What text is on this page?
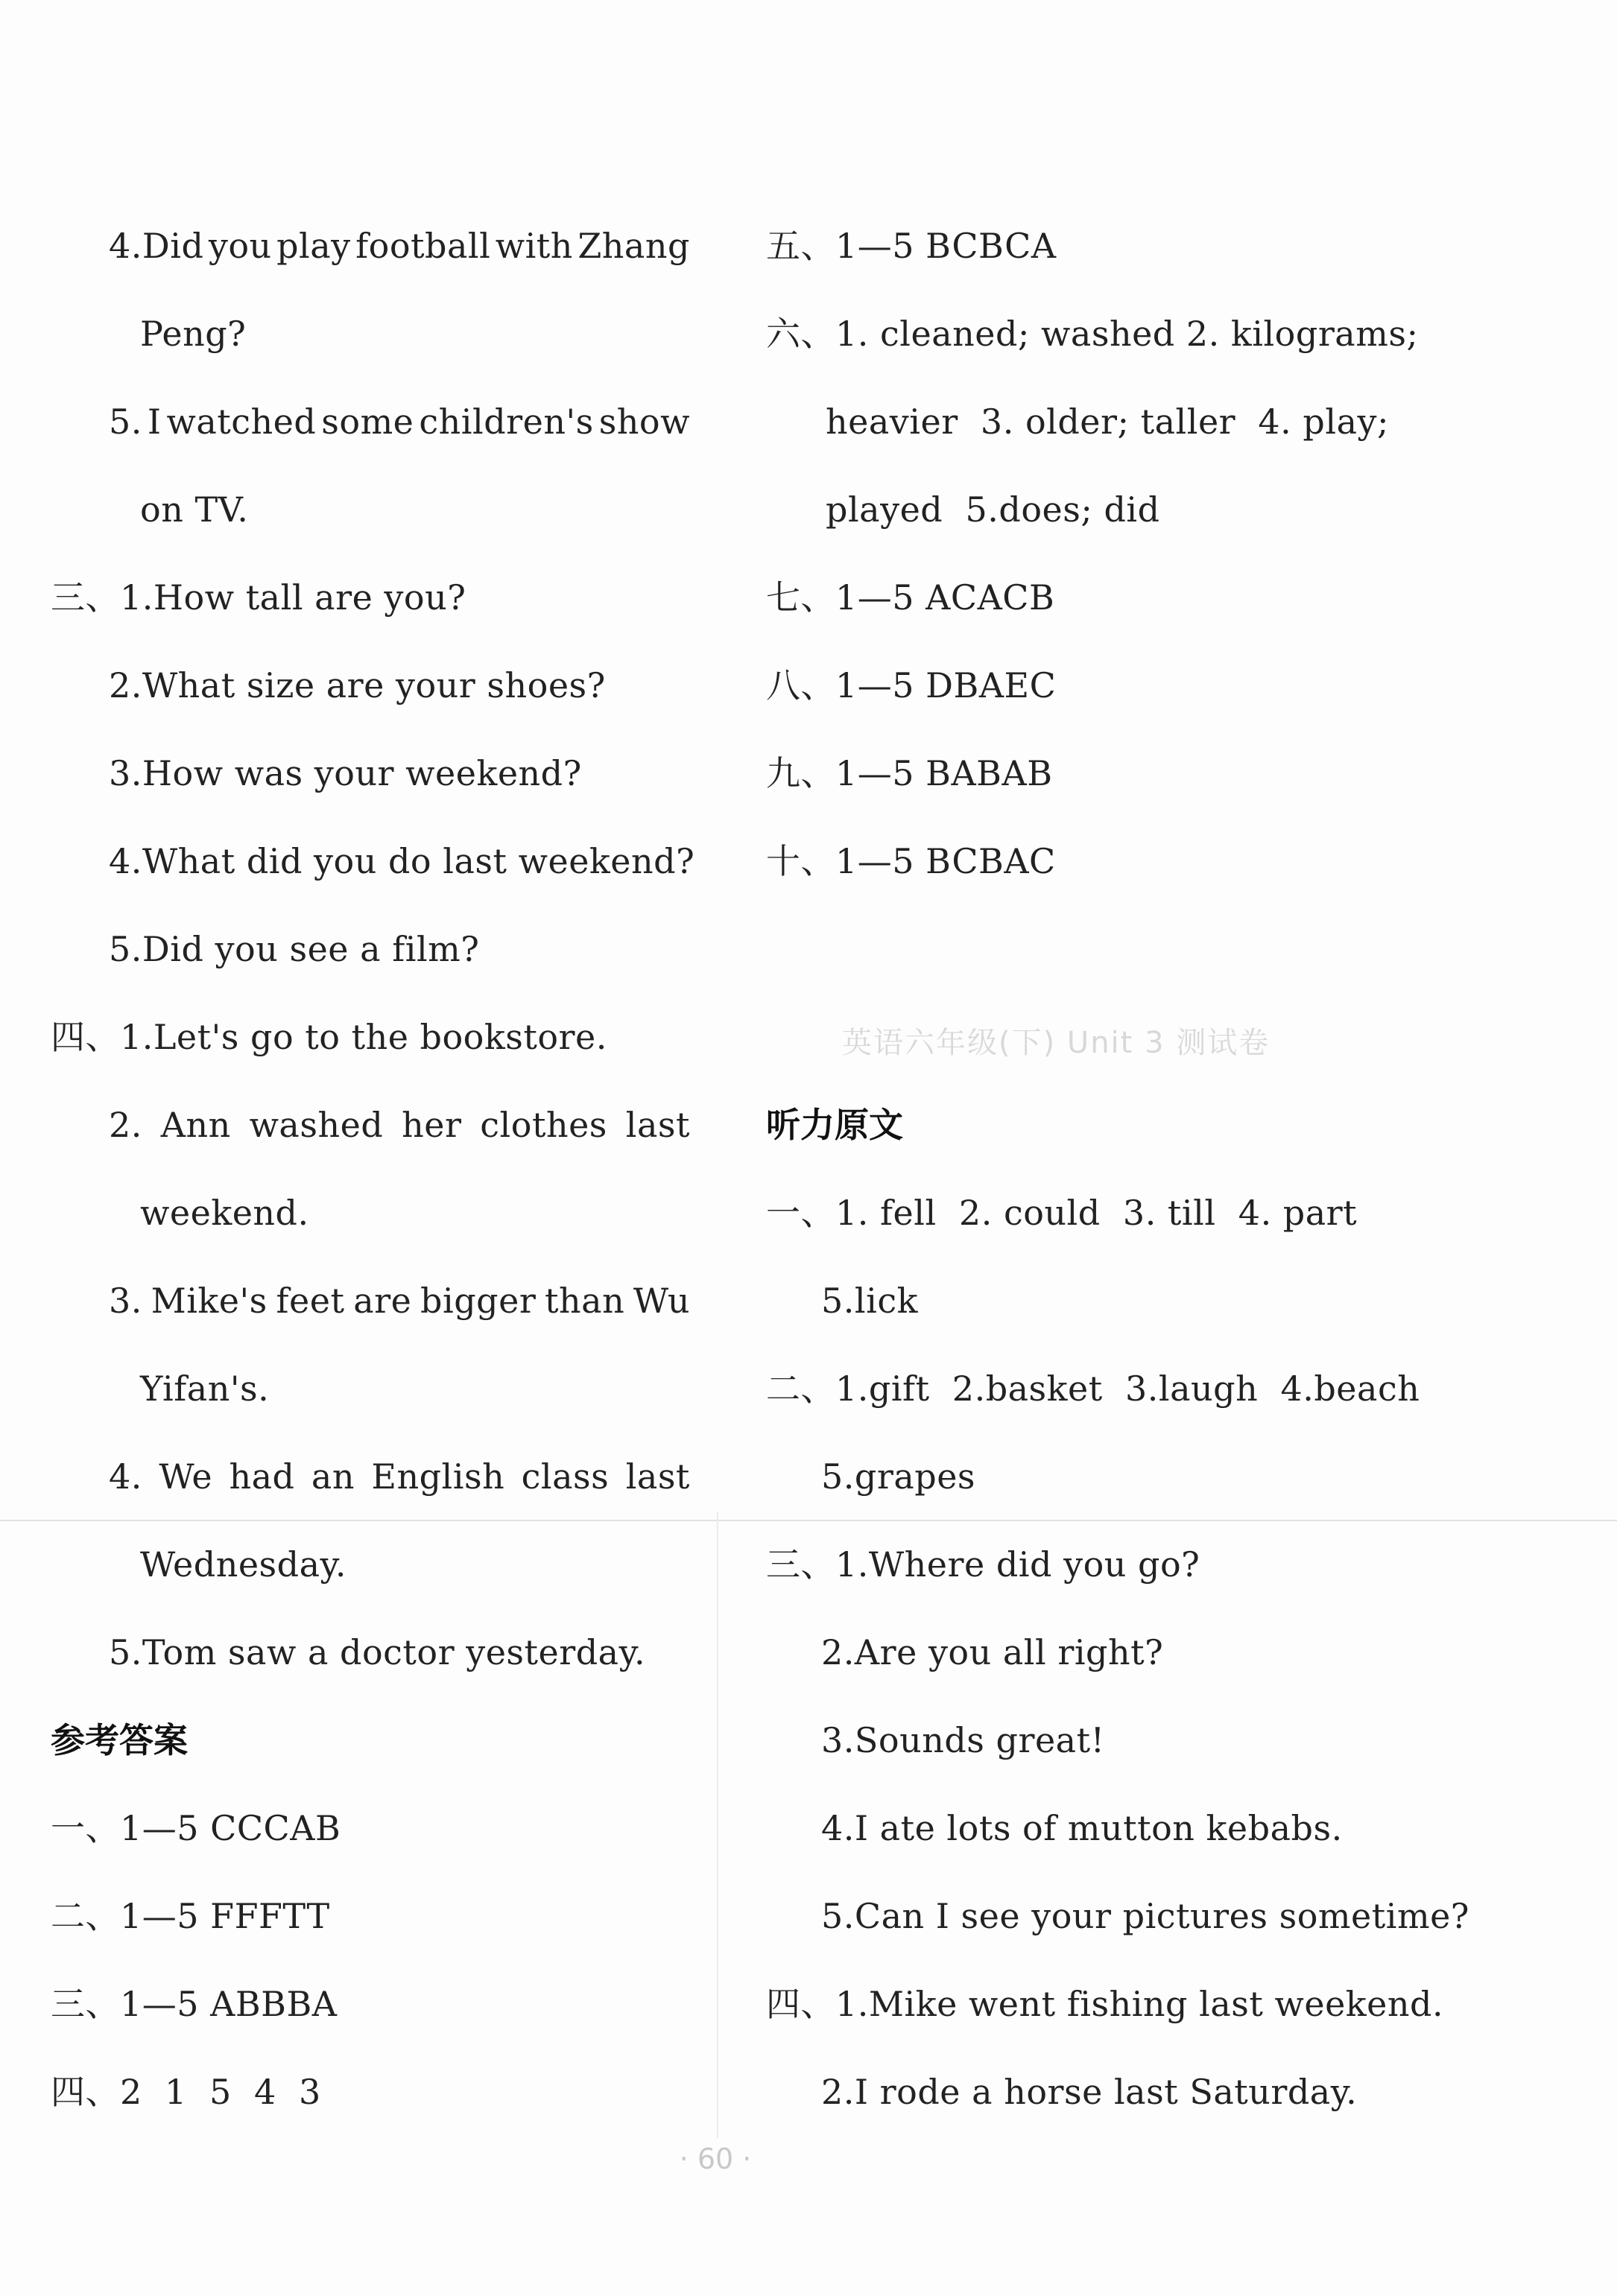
4.Did you play football with Zhang
Peng?
5. I watched some children's show
on TV.
三、1.How tall are you?
2.What size are your shoes?
3.How was your weekend?
4.What did you do last weekend?
5.Did you see a film?
四、1.Let's go to the bookstore.
2. Ann washed her clothes last
weekend.
3. Mike's feet are bigger than Wu
Yifan's.
4. We had an English class last
Wednesday.
5.Tom saw a doctor yesterday.
参考答案
一、1—5 CCCAB
二、1—5 FFFTT
三、1—5 ABBBA
四、2  1  5  4  3
五、1—5 BCBCA
六、1. cleaned; washed 2. kilograms;
heavier  3. older; taller  4. play;
played  5.does; did
七、1—5 ACACB
八、1—5 DBAEC
九、1—5 BABAB
十、1—5 BCBAC
英语六年级(下) Unit 3 测试卷
听力原文
一、1. fell  2. could  3. till  4. part
5.lick
二、1.gift  2.basket  3.laugh  4.beach
5.grapes
三、1.Where did you go?
2.Are you all right?
3.Sounds great!
4.I ate lots of mutton kebabs.
5.Can I see your pictures sometime?
四、1.Mike went fishing last weekend.
2.I rode a horse last Saturday.
· 60 ·
